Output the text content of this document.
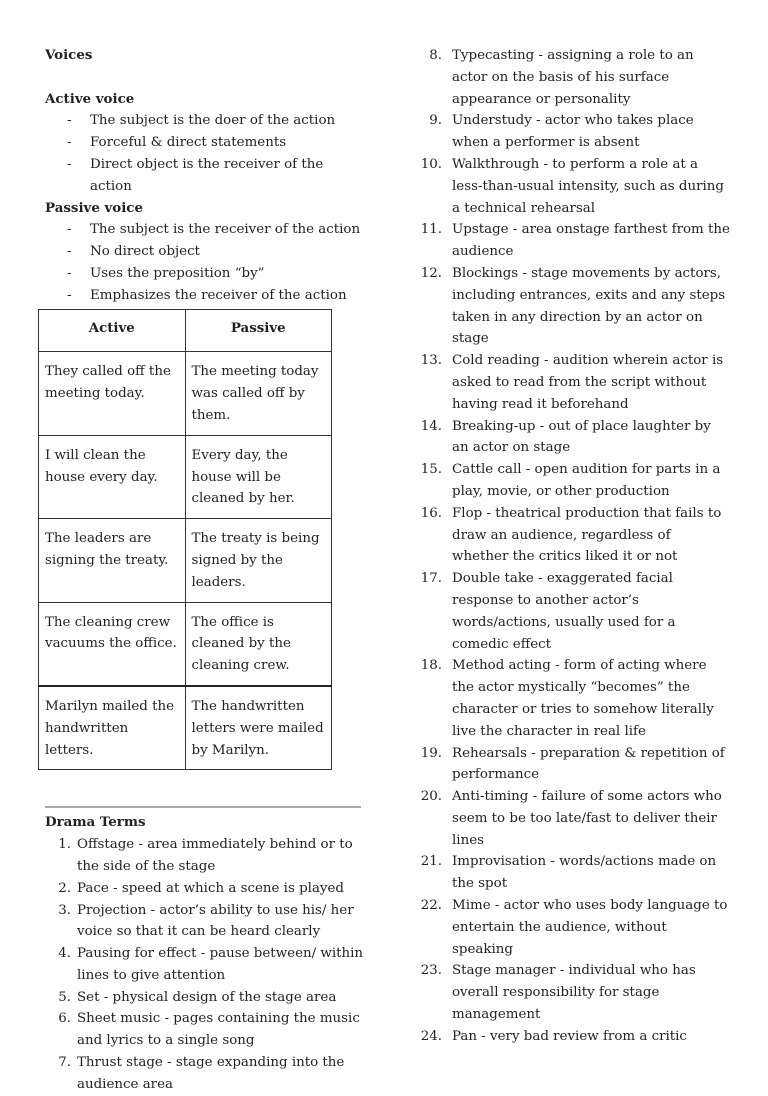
Voices
Active voice
- The subject is the doer of the action
- Forceful & direct statements
- Direct object is the receiver of the action
Passive voice
- The subject is the receiver of the action
- No direct object
- Uses the preposition “by”
- Emphasizes the receiver of the action
Active	Passive
They called off the meeting today.	The meeting today was called off by them.
I will clean the house every day.	Every day, the house will be cleaned by her.
The leaders are signing the treaty.	The treaty is being signed by the leaders.
The cleaning crew vacuums the office.	The office is cleaned by the cleaning crew.
Marilyn mailed the handwritten letters.	The handwritten letters were mailed by Marilyn.
Drama Terms
1. Offstage - area immediately behind or to the side of the stage
2. Pace - speed at which a scene is played
3. Projection - actor’s ability to use his/ her voice so that it can be heard clearly
4. Pausing for effect - pause between/ within lines to give attention
5. Set - physical design of the stage area
6. Sheet music - pages containing the music and lyrics to a single song
7. Thrust stage - stage expanding into the audience area
8. Typecasting - assigning a role to an actor on the basis of his surface appearance or personality
9. Understudy - actor who takes place when a performer is absent
10. Walkthrough - to perform a role at a less-than-usual intensity, such as during a technical rehearsal
11. Upstage - area onstage farthest from the audience
12. Blockings - stage movements by actors, including entrances, exits and any steps taken in any direction by an actor on stage
13. Cold reading - audition wherein actor is asked to read from the script without having read it beforehand
14. Breaking-up - out of place laughter by an actor on stage
15. Cattle call - open audition for parts in a play, movie, or other production
16. Flop - theatrical production that fails to draw an audience, regardless of whether the critics liked it or not
17. Double take - exaggerated facial response to another actor’s words/actions, usually used for a comedic effect
18. Method acting - form of acting where the actor mystically “becomes” the character or tries to somehow literally live the character in real life
19. Rehearsals - preparation & repetition of performance
20. Anti-timing - failure of some actors who seem to be too late/fast to deliver their lines
21. Improvisation - words/actions made on the spot
22. Mime - actor who uses body language to entertain the audience, without speaking
23. Stage manager - individual who has overall responsibility for stage management
24. Pan - very bad review from a critic
